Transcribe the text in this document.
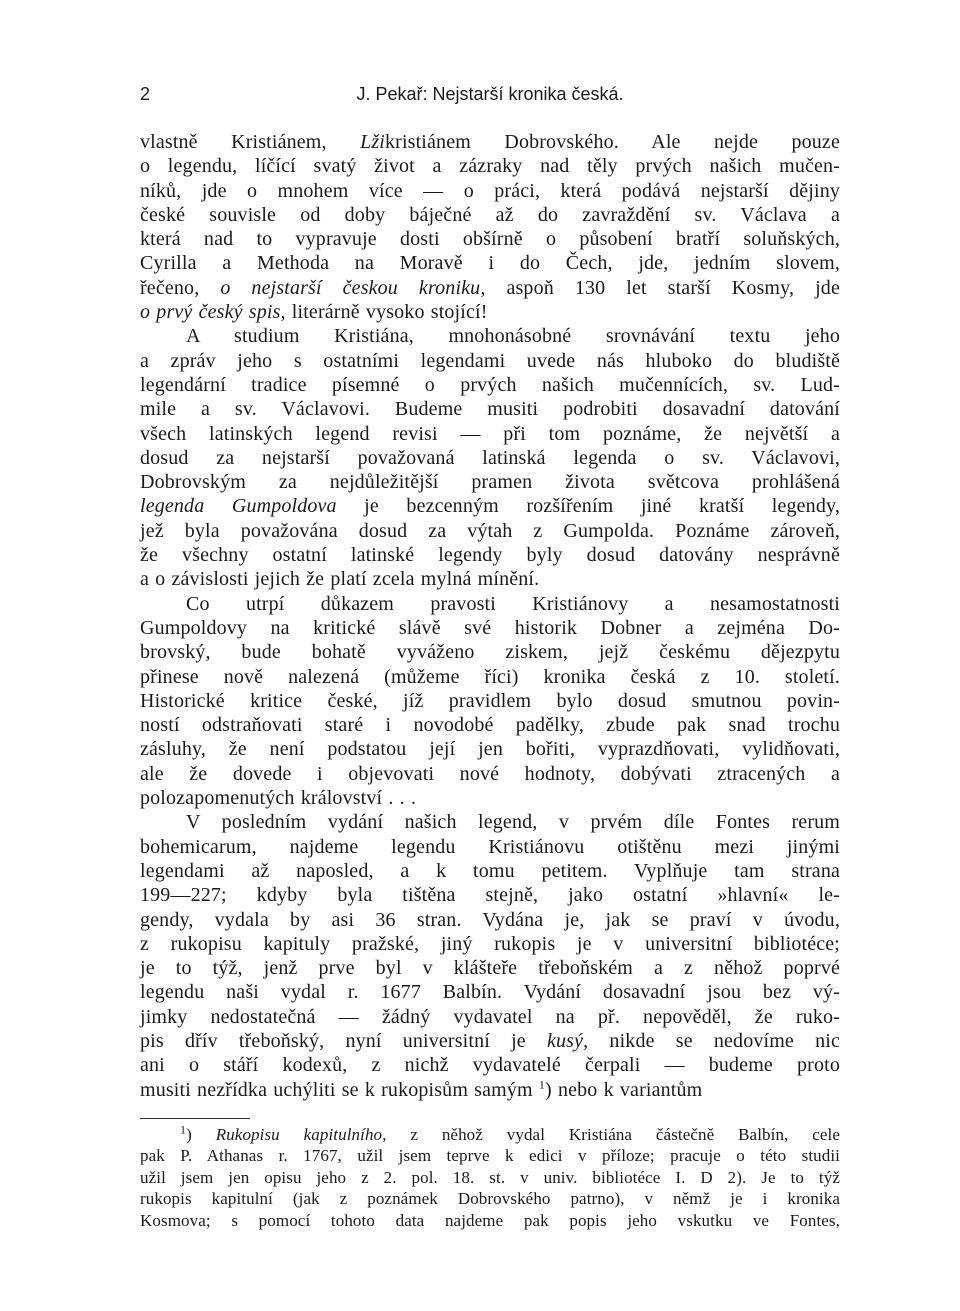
2	J. Pekař: Nejstarší kronika česká.
vlastně Kristiánem, Lžikristiánem Dobrovského. Ale nejde pouze
o legendu, líčící svatý život a zázraky nad těly prvých našich mučen-
níků, jde o mnohem více — o práci, která podává nejstarší dějiny
české souvisle od doby báječné až do zavraždění sv. Václava a
která nad to vypravuje dosti obšírně o působení bratří soluňských,
Cyrilla a Methoda na Moravě i do Čech, jde, jedním slovem,
řečeno, o nejstarší českou kroniku, aspoň 130 let starší Kosmy, jde
o prvý český spis, literárně vysoko stojící!
A studium Kristiána, mnohonásobné srovnávání textu jeho
a zpráv jeho s ostatními legendami uvede nás hluboko do bludiště
legendární tradice písemné o prvých našich mučennících, sv. Lud-
mile a sv. Václavovi. Budeme musiti podrobiti dosavadní datování
všech latinských legend revisi — při tom poznáme, že největší a
dosud za nejstarší považovaná latinská legenda o sv. Václavovi,
Dobrovským za nejdůležitější pramen života světcova prohlášená
legenda Gumpoldova je bezcenným rozšířením jiné kratší legendy,
jež byla považována dosud za výtah z Gumpolda. Poznáme zároveň,
že všechny ostatní latinské legendy byly dosud datovány nesprávně
a o závislosti jejich že platí zcela mylná mínění.
Co utrpí důkazem pravosti Kristiánovy a nesamostatnosti
Gumpoldovy na kritické slávě své historik Dobner a zejména Do-
brovský, bude bohatě vyváženo ziskem, jejž českému dějezpytu
přinese nově nalezená (můžeme říci) kronika česká z 10. století.
Historické kritice české, jíž pravidlem bylo dosud smutnou povin-
ností odstraňovati staré i novodobé padělky, zbude pak snad trochu
zásluhy, že není podstatou její jen bořiti, vyprazdňovati, vylidňovati,
ale že dovede i objevovati nové hodnoty, dobývati ztracených a
polozapomenutých království . . .
V posledním vydání našich legend, v prvém díle Fontes rerum
bohemicarum, najdeme legendu Kristiánovu otištěnu mezi jinými
legendami až naposled, a k tomu petitem. Vyplňuje tam strana
199—227; kdyby byla tištěna stejně, jako ostatní »hlavní« le-
gendy, vydala by asi 36 stran. Vydána je, jak se praví v úvodu,
z rukopisu kapituly pražské, jiný rukopis je v universitní bibliotéce;
je to týž, jenž prve byl v klášteře třeboňském a z něhož poprvé
legendu naši vydal r. 1677 Balbín. Vydání dosavadní jsou bez vý-
jimky nedostatečná — žádný vydavatel na př. nepověděl, že ruko-
pis dřív třeboňský, nyní universitní je kusý, nikde se nedovíme nic
ani o stáří kodexů, z nichž vydavatelé čerpali — budeme proto
musiti nezřídka uchýliti se k rukopisům samým $^1$) nebo k variantům
$^1$) Rukopisu kapitulního, z něhož vydal Kristiána částečně Balbín, cele
pak P. Athanas r. 1767, užil jsem teprve k edici v příloze; pracuje o této studii
užil jsem jen opisu jeho z 2. pol. 18. st. v univ. bibliotéce I. D 2). Je to týž
rukopis kapitulní (jak z poznámek Dobrovského patrno), v němž je i kronika
Kosmova; s pomocí tohoto data najdeme pak popis jeho vskutku ve Fontes,
